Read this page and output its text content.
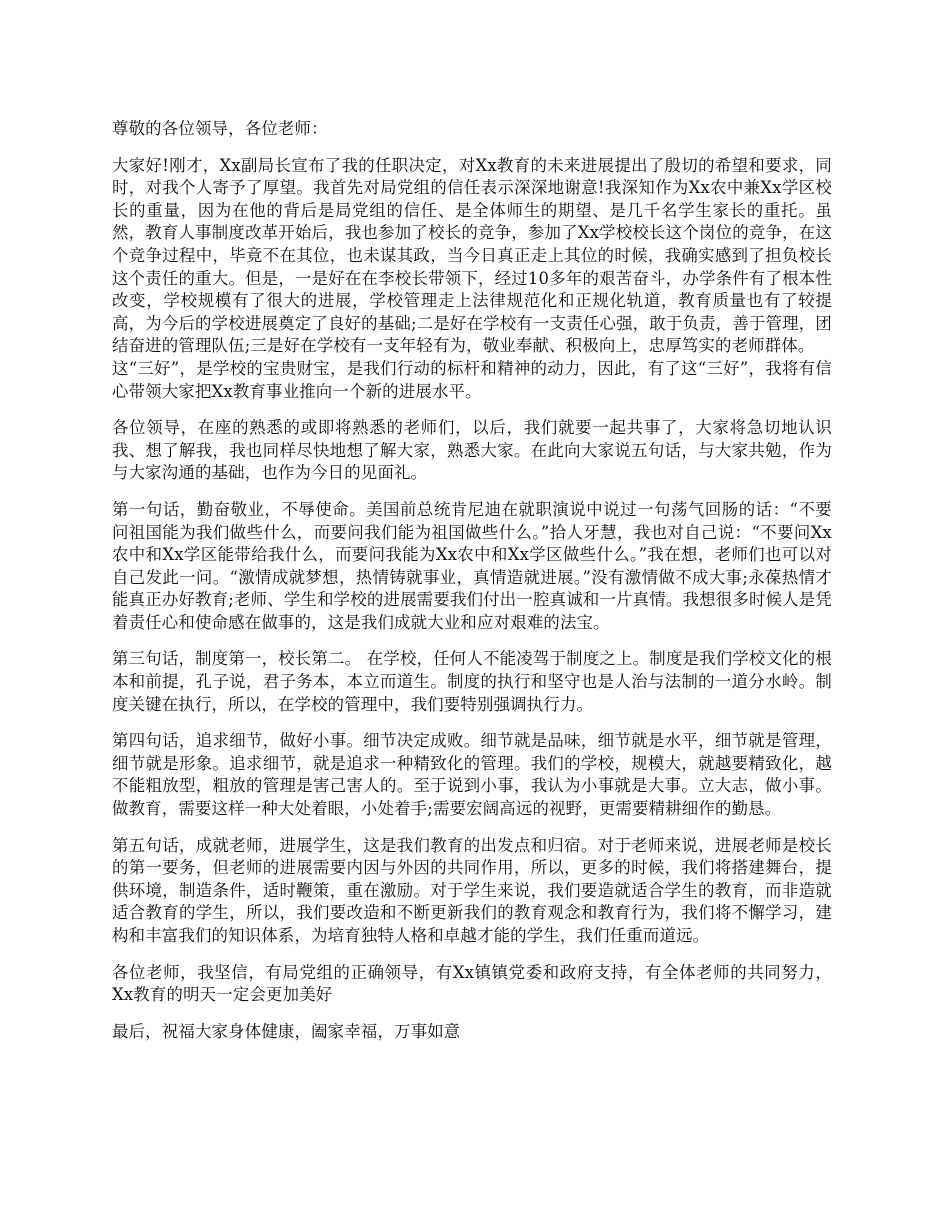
尊敬的各位领导，各位老师：

大家好!刚才，Xx副局长宣布了我的任职决定，对Xx教育的未来进展提出了殷切的希望和要求，同时，对我个人寄予了厚望。我首先对局党组的信任表示深深地谢意!我深知作为Xx农中兼Xx学区校长的重量，因为在他的背后是局党组的信任、是全体师生的期望、是几千名学生家长的重托。虽然，教育人事制度改革开始后，我也参加了校长的竞争，参加了Xx学校校长这个岗位的竞争，在这个竞争过程中，毕竟不在其位，也未谋其政，当今日真正走上其位的时候，我确实感到了担负校长这个责任的重大。但是，一是好在在李校长带领下，经过10多年的艰苦奋斗，办学条件有了根本性改变，学校规模有了很大的进展，学校管理走上法律规范化和正规化轨道，教育质量也有了较提高，为今后的学校进展奠定了良好的基础;二是好在学校有一支责任心强，敢于负责，善于管理，团结奋进的管理队伍;三是好在学校有一支年轻有为，敬业奉献、积极向上，忠厚笃实的老师群体。

这“三好”，是学校的宝贵财宝，是我们行动的标杆和精神的动力，因此，有了这“三好”，我将有信心带领大家把Xx教育事业推向一个新的进展水平。

各位领导，在座的熟悉的或即将熟悉的老师们，以后，我们就要一起共事了，大家将急切地认识我、想了解我，我也同样尽快地想了解大家，熟悉大家。在此向大家说五句话，与大家共勉，作为与大家沟通的基础，也作为今日的见面礼。

第一句话，勤奋敬业，不辱使命。美国前总统肯尼迪在就职演说中说过一句荡气回肠的话：“不要问祖国能为我们做些什么，而要问我们能为祖国做些什么。”拾人牙慧，我也对自己说：“不要问Xx农中和Xx学区能带给我什么，而要问我能为Xx农中和Xx学区做些什么。”我在想，老师们也可以对自己发此一问。“激情成就梦想，热情铸就事业，真情造就进展。”没有激情做不成大事;永葆热情才能真正办好教育;老师、学生和学校的进展需要我们付出一腔真诚和一片真情。我想很多时候人是凭着责任心和使命感在做事的，这是我们成就大业和应对艰难的法宝。

第三句话，制度第一，校长第二。 在学校，任何人不能凌驾于制度之上。制度是我们学校文化的根本和前提，孔子说，君子务本，本立而道生。制度的执行和坚守也是人治与法制的一道分水岭。制度关键在执行，所以，在学校的管理中，我们要特别强调执行力。

第四句话，追求细节，做好小事。细节决定成败。细节就是品味，细节就是水平，细节就是管理，细节就是形象。追求细节，就是追求一种精致化的管理。我们的学校，规模大，就越要精致化，越不能粗放型，粗放的管理是害己害人的。至于说到小事，我认为小事就是大事。立大志，做小事。做教育，需要这样一种大处着眼，小处着手;需要宏阔高远的视野，更需要精耕细作的勤恳。

第五句话，成就老师，进展学生，这是我们教育的出发点和归宿。对于老师来说，进展老师是校长的第一要务，但老师的进展需要内因与外因的共同作用，所以，更多的时候，我们将搭建舞台，提供环境，制造条件，适时鞭策，重在激励。对于学生来说，我们要造就适合学生的教育，而非造就适合教育的学生，所以，我们要改造和不断更新我们的教育观念和教育行为，我们将不懈学习，建构和丰富我们的知识体系，为培育独特人格和卓越才能的学生，我们任重而道远。

各位老师，我坚信，有局党组的正确领导，有Xx镇镇党委和政府支持，有全体老师的共同努力，Xx教育的明天一定会更加美好

最后，祝福大家身体健康，阖家幸福，万事如意
